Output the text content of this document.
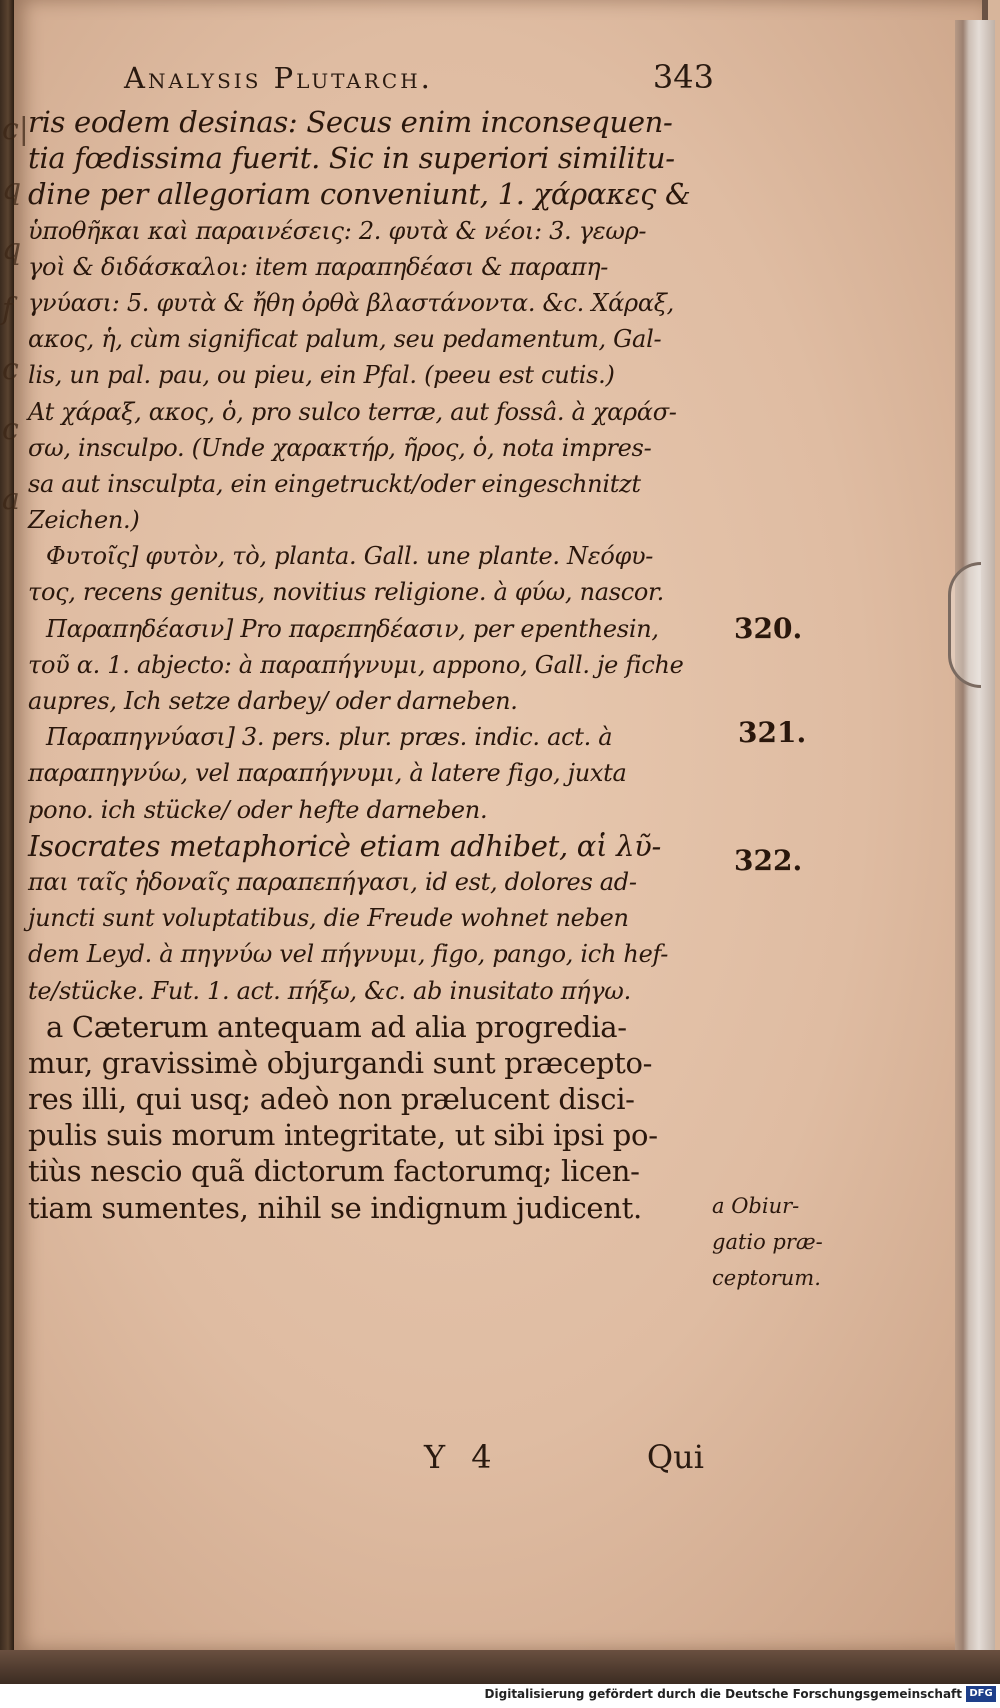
c|
q
q
f
c
c
a
Analysis Plutarch.	343
ris eodem desinas: Secus enim inconsequen-
tia fœdissima fuerit. Sic in superiori similitu-
dine per allegoriam conveniunt, 1. χάρακες &
ὑποθῆκαι καὶ παραινέσεις: 2. φυτὰ & νέοι: 3. γεωρ-
γοὶ & διδάσκαλοι: item παραπηδέασι & παραπη-
γνύασι: 5. φυτὰ & ἤθη ὀρθὰ βλαστάνοντα. &c. Χάραξ,
ακος, ἡ, cùm significat palum, seu pedamentum, Gal-
lis, un pal. pau, ou pieu, ein Pfal. (peeu est cutis.)
At χάραξ, ακος, ὁ, pro sulco terræ, aut fossâ. à χαράσ-
σω, insculpo. (Unde χαρακτήρ, ῆρος, ὁ, nota impres-
sa aut insculpta, ein eingetruckt/oder eingeschnitzt
Zeichen.)
Φυτοῖς] φυτὸν, τὸ, planta. Gall. une plante. Νεόφυ-
τος, recens genitus, novitius religione. à φύω, nascor.
Παραπηδέασιν] Pro παρεπηδέασιν, per epenthesin,
τοῦ α. 1. abjecto: à παραπήγνυμι, appono, Gall. je fiche
aupres, Ich setze darbey/ oder darneben.
Παραπηγνύασι] 3. pers. plur. præs. indic. act. à
παραπηγνύω, vel παραπήγνυμι, à latere figo, juxta
pono. ich stücke/ oder hefte darneben.
Isocrates metaphoricè etiam adhibet, αἱ λῦ-
παι ταῖς ἡδοναῖς παραπεπήγασι, id est, dolores ad-
juncti sunt voluptatibus, die Freude wohnet neben
dem Leyd. à πηγνύω vel πήγνυμι, figo, pango, ich hef-
te/stücke. Fut. 1. act. πήξω, &c. ab inusitato πήγω.
a Cæterum antequam ad alia progredia-
mur, gravissimè objurgandi sunt præcepto-
res illi, qui usq; adeò non prælucent disci-
pulis suis morum integritate, ut sibi ipsi po-
tiùs nescio quã dictorum factorumq; licen-
tiam sumentes, nihil se indignum judicent.
320.
321.
322.
a Obiur-
gatio præ-
ceptorum.
Y 4	Qui
Digitalisierung gefördert durch die Deutsche Forschungsgemeinschaft DFG
